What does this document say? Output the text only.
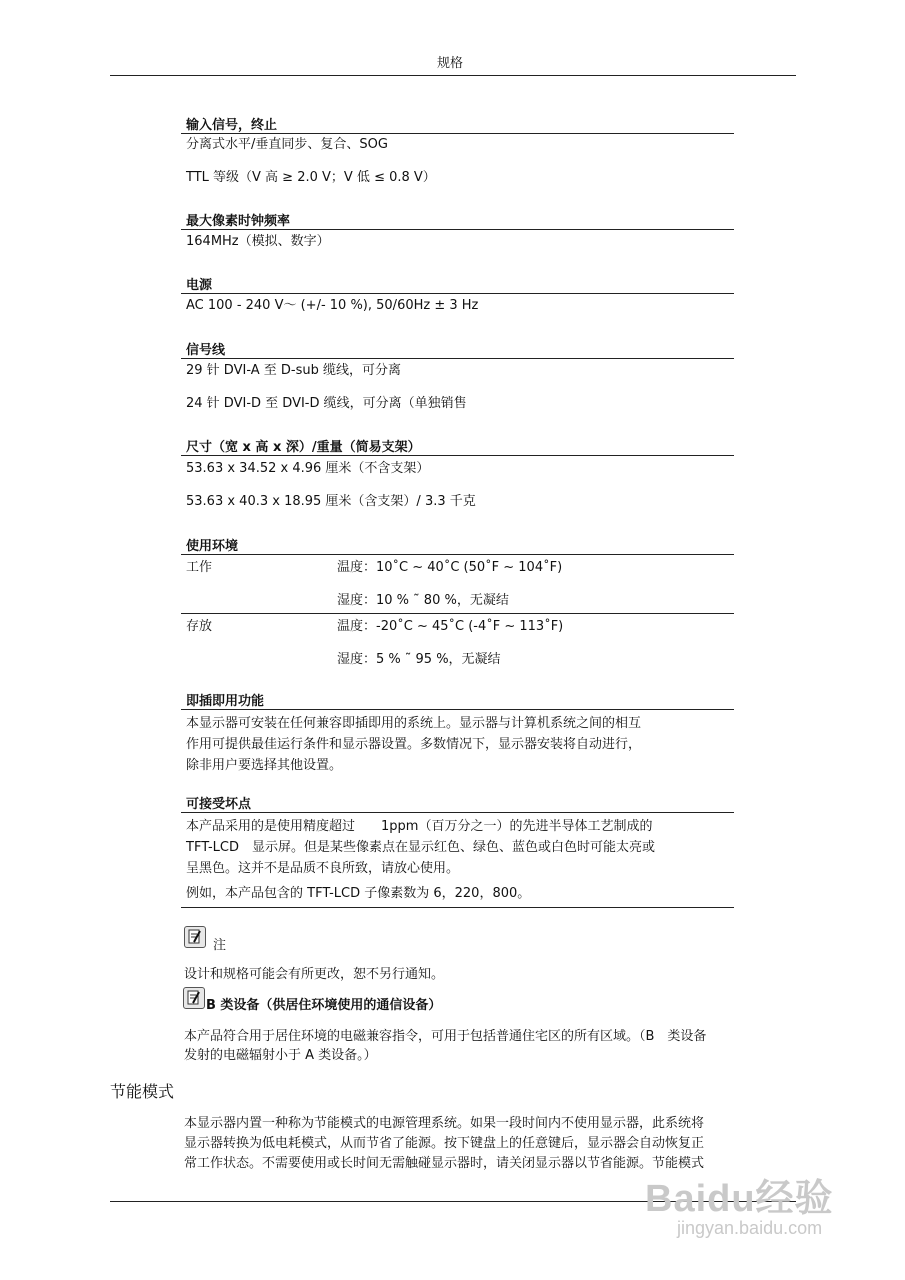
规格
输入信号，终止
分离式水平/垂直同步、复合、SOG
TTL 等级（V 高 ≥ 2.0 V；V 低 ≤ 0.8 V）
最大像素时钟频率
164MHz（模拟、数字）
电源
AC 100 - 240 V～ (+/- 10 %), 50/60Hz ± 3 Hz
信号线
29 针 DVI-A 至 D-sub 缆线，可分离
24 针 DVI-D 至 DVI-D 缆线，可分离（单独销售
尺寸（宽 x 高 x 深）/重量（简易支架）
53.63 x 34.52 x 4.96 厘米（不含支架）
53.63 x 40.3 x 18.95 厘米（含支架）/ 3.3 千克
使用环境
工作	温度：10˚C ~ 40˚C (50˚F ~ 104˚F)
湿度：10 % ˜ 80 %，无凝结
存放	温度：-20˚C ~ 45˚C (-4˚F ~ 113˚F)
湿度：5 % ˜ 95 %，无凝结
即插即用功能
本显示器可安装在任何兼容即插即用的系统上。显示器与计算机系统之间的相互
作用可提供最佳运行条件和显示器设置。多数情况下，显示器安装将自动进行，
除非用户要选择其他设置。
可接受坏点
本产品采用的是使用精度超过　　1ppm（百万分之一）的先进半导体工艺制成的
TFT-LCD　显示屏。但是某些像素点在显示红色、绿色、蓝色或白色时可能太亮或
呈黑色。这并不是品质不良所致，请放心使用。
例如，本产品包含的 TFT-LCD 子像素数为 6，220，800。
注
设计和规格可能会有所更改，恕不另行通知。
B 类设备（供居住环境使用的通信设备）
本产品符合用于居住环境的电磁兼容指令，可用于包括普通住宅区的所有区域。（B　类设备
发射的电磁辐射小于 A 类设备。）
节能模式
本显示器内置一种称为节能模式的电源管理系统。如果一段时间内不使用显示器，此系统将
显示器转换为低电耗模式，从而节省了能源。按下键盘上的任意键后，显示器会自动恢复正
常工作状态。不需要使用或长时间无需触碰显示器时，请关闭显示器以节省能源。节能模式
Baidu经验
jingyan.baidu.com
